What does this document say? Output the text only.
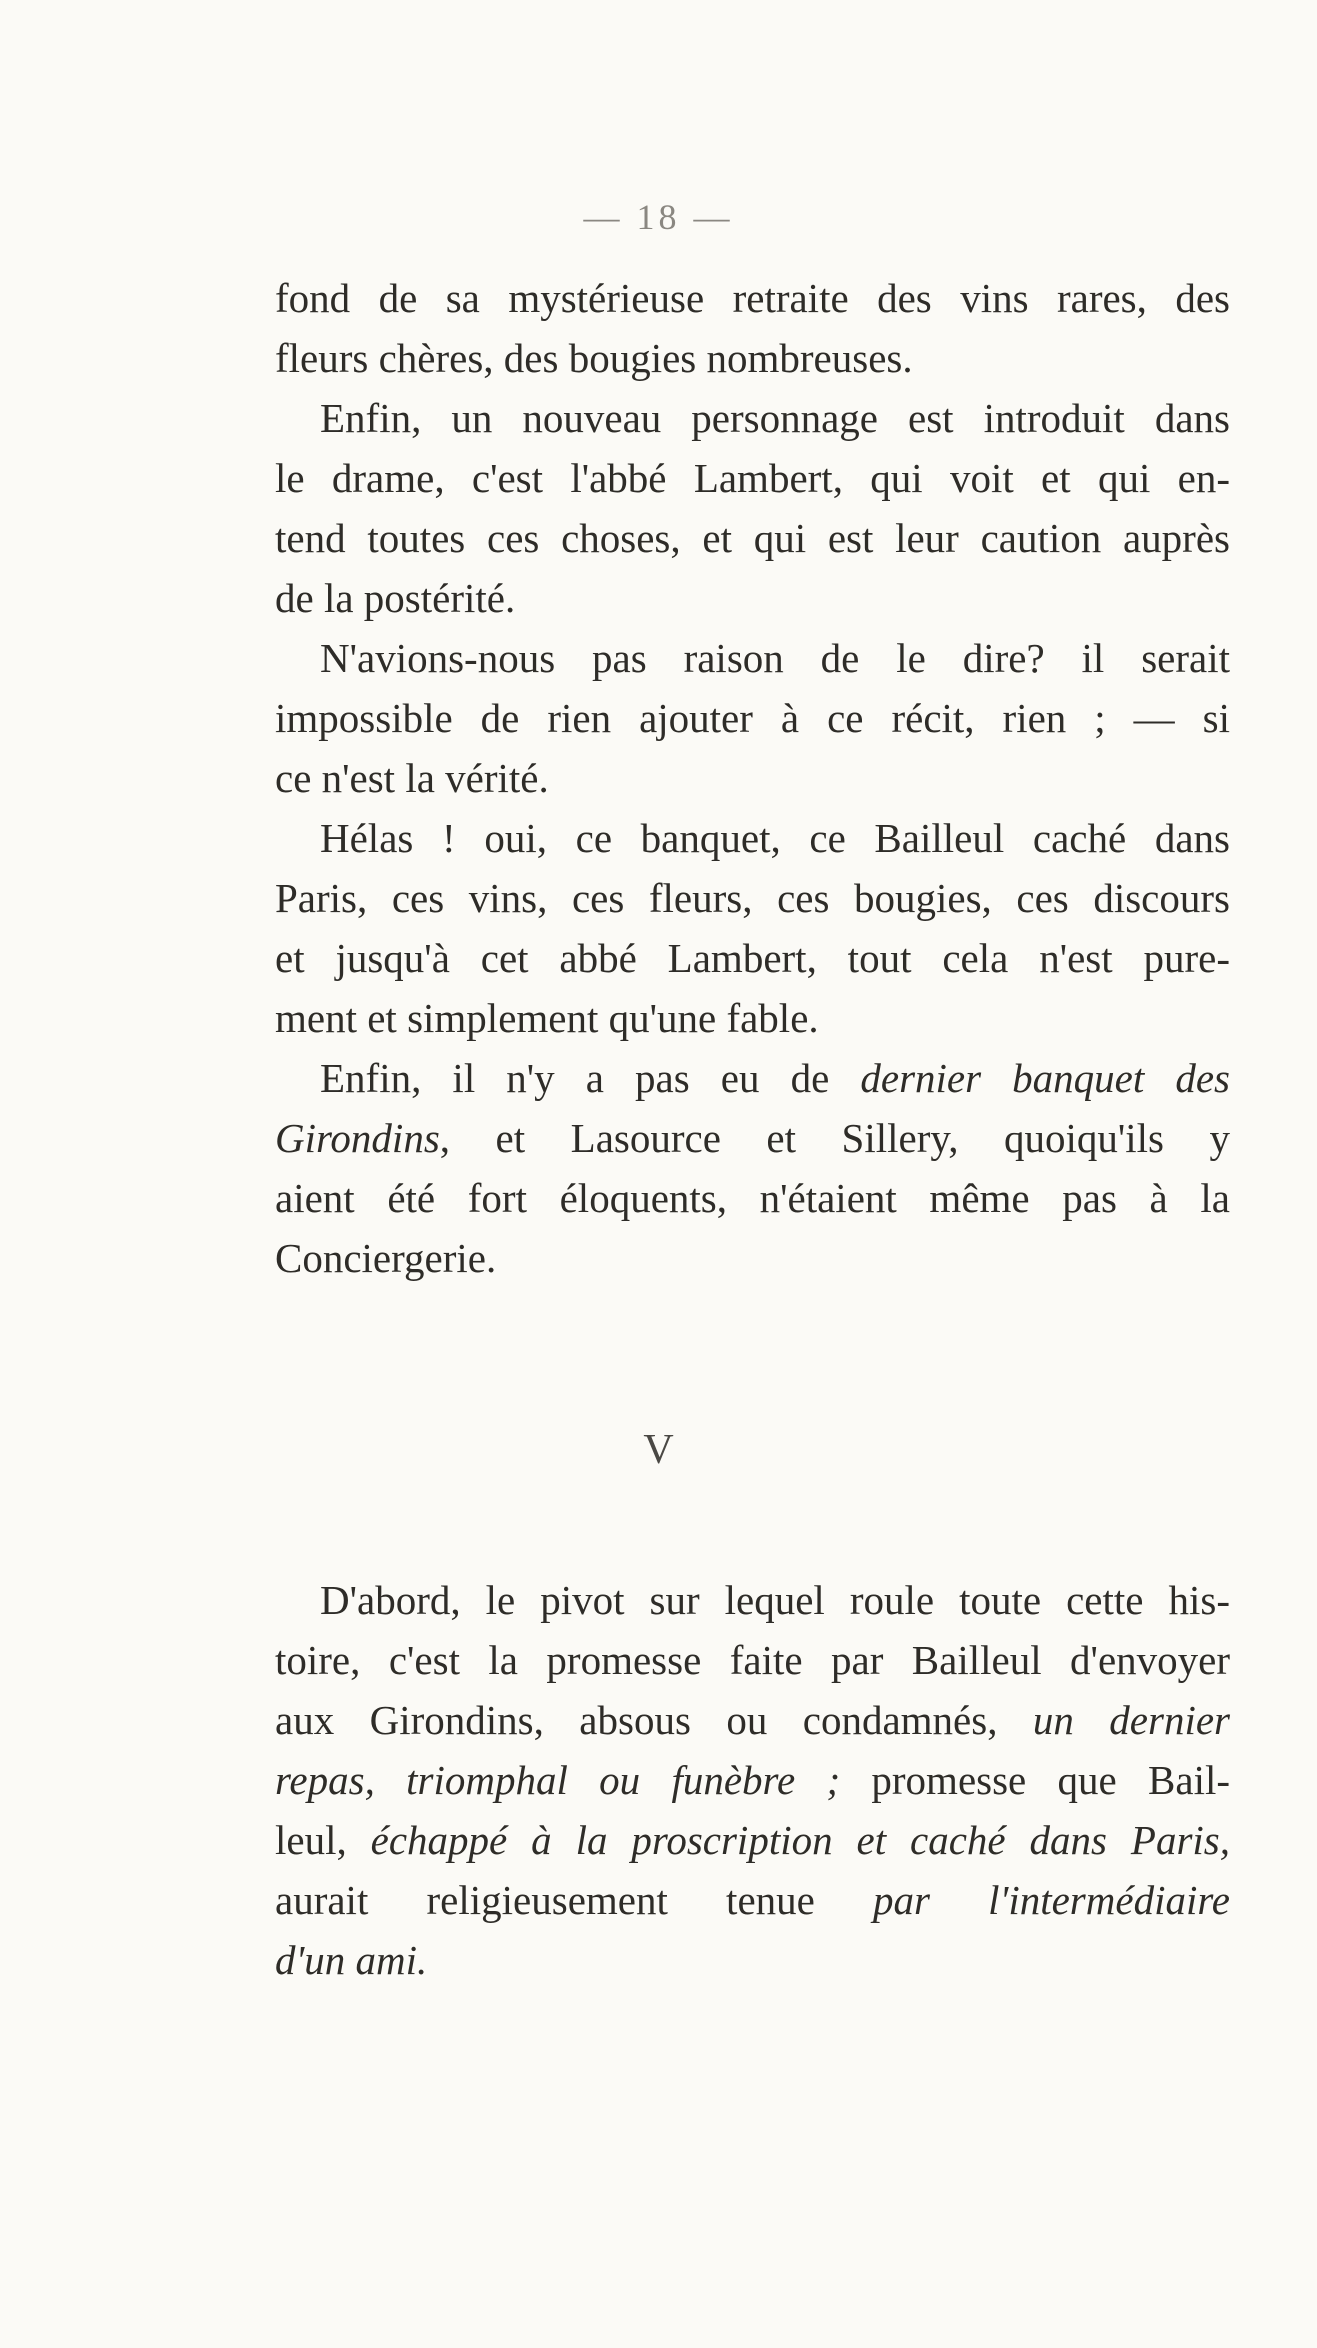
— 18 —
fond de sa mystérieuse retraite des vins rares, des
fleurs chères, des bougies nombreuses.
Enfin, un nouveau personnage est introduit dans
le drame, c'est l'abbé Lambert, qui voit et qui en-
tend toutes ces choses, et qui est leur caution auprès
de la postérité.
N'avions-nous pas raison de le dire? il serait
impossible de rien ajouter à ce récit, rien ; — si
ce n'est la vérité.
Hélas ! oui, ce banquet, ce Bailleul caché dans
Paris, ces vins, ces fleurs, ces bougies, ces discours
et jusqu'à cet abbé Lambert, tout cela n'est pure-
ment et simplement qu'une fable.
Enfin, il n'y a pas eu de dernier banquet des
Girondins, et Lasource et Sillery, quoiqu'ils y
aient été fort éloquents, n'étaient même pas à la
Conciergerie.
V
D'abord, le pivot sur lequel roule toute cette his-
toire, c'est la promesse faite par Bailleul d'envoyer
aux Girondins, absous ou condamnés, un dernier
repas, triomphal ou funèbre ; promesse que Bail-
leul, échappé à la proscription et caché dans Paris,
aurait religieusement tenue par l'intermédiaire
d'un ami.
